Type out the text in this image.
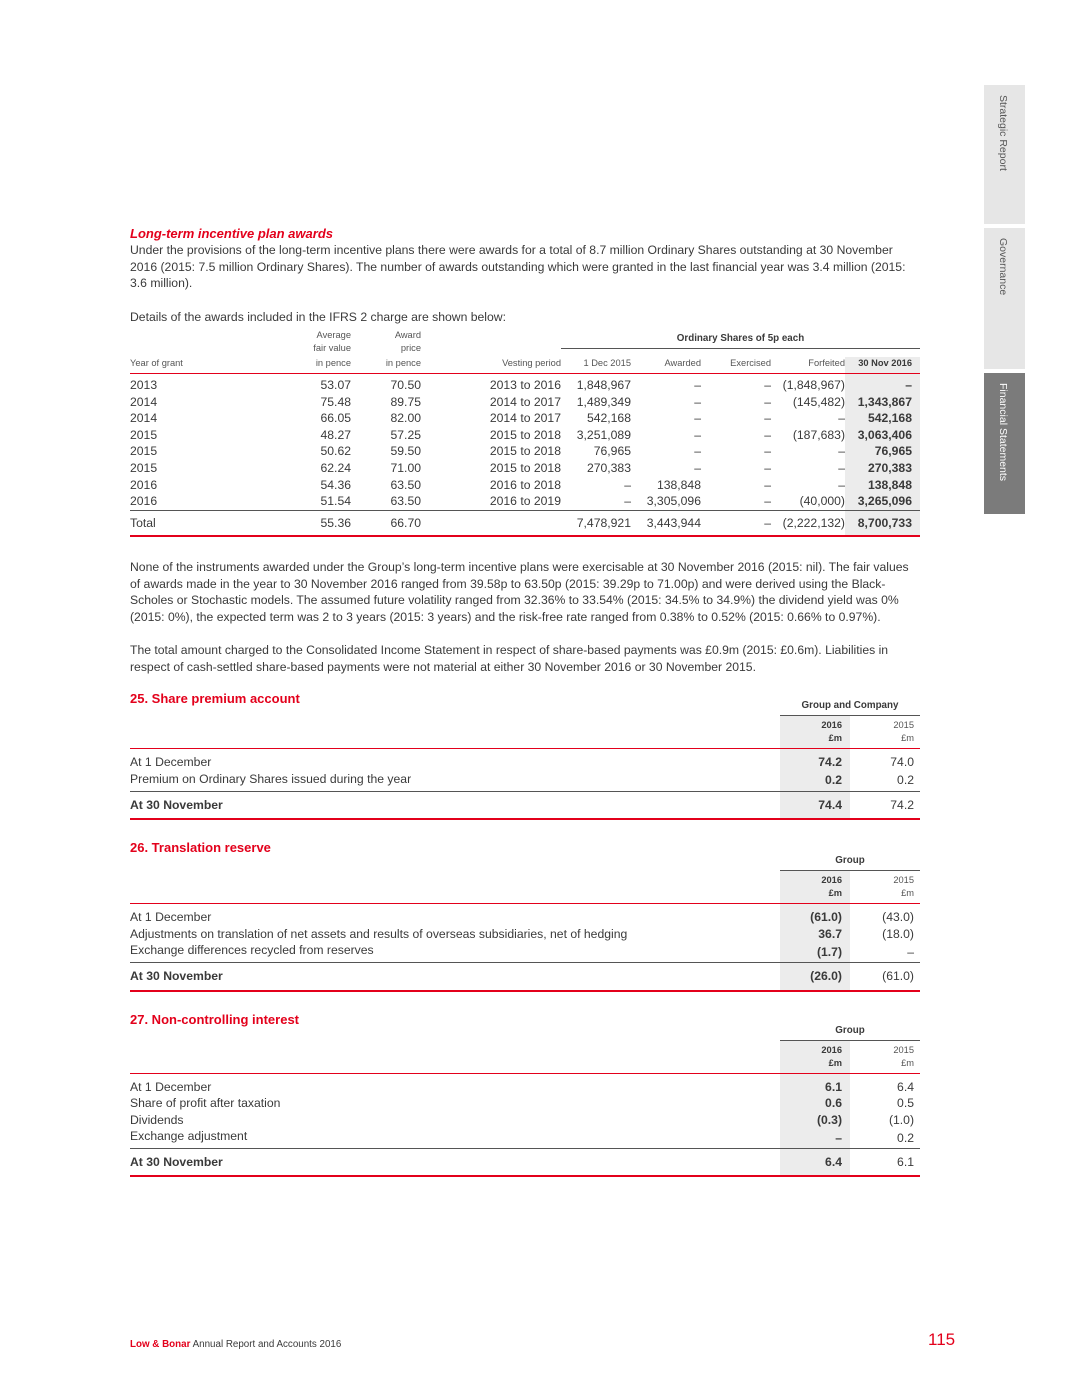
Strategic Report
Governance
Financial Statements
Long-term incentive plan awards

Under the provisions of the long-term incentive plans there were awards for a total of 8.7 million Ordinary Shares outstanding at 30 November 2016 (2015: 7.5 million Ordinary Shares). The number of awards outstanding which were granted in the last financial year was 3.4 million (2015: 3.6 million).

Details of the awards included in the IFRS 2 charge are shown below:

	Average
fair value	Award
price		Ordinary Shares of 5p each				

Year of grant	in pence	in pence	Vesting period	1 Dec 2015	Awarded	Exercised	Forfeited	30 Nov 2016
2013	53.07	70.50	2013 to 2016	1,848,967	–	–	(1,848,967)	–
2014	75.48	89.75	2014 to 2017	1,489,349	–	–	(145,482)	1,343,867
2014	66.05	82.00	2014 to 2017	542,168	–	–	–	542,168
2015	48.27	57.25	2015 to 2018	3,251,089	–	–	(187,683)	3,063,406
2015	50.62	59.50	2015 to 2018	76,965	–	–	–	76,965
2015	62.24	71.00	2015 to 2018	270,383	–	–	–	270,383
2016	54.36	63.50	2016 to 2018	–	138,848	–	–	138,848
2016	51.54	63.50	2016 to 2019	–	3,305,096	–	(40,000)	3,265,096
Total	55.36	66.70		7,478,921	3,443,944	–	(2,222,132)	8,700,733

None of the instruments awarded under the Group’s long-term incentive plans were exercisable at 30 November 2016 (2015: nil). The fair values of awards made in the year to 30 November 2016 ranged from 39.58p to 63.50p (2015: 39.29p to 71.00p) and were derived using the Black-Scholes or Stochastic models. The assumed future volatility ranged from 32.36% to 33.54% (2015: 34.5% to 34.9%) the dividend yield was 0% (2015: 0%), the expected term was 2 to 3 years (2015: 3 years) and the risk-free rate ranged from 0.38% to 0.52% (2015: 0.66% to 0.97%).

The total amount charged to the Consolidated Income Statement in respect of share-based payments was £0.9m (2015: £0.6m). Liabilities in respect of cash-settled share-based payments were not material at either 30 November 2016 or 30 November 2015.

25. Share premium account
		Group and Company	
	2016	2015
	£m	£m
At 1 December	74.2	74.0
Premium on Ordinary Shares issued during the year	0.2	0.2
At 30 November	74.4	74.2
26. Translation reserve
	Group	
	2016	2015
	£m	£m
At 1 December	(61.0)	(43.0)
Adjustments on translation of net assets and results of overseas subsidiaries, net of hedging	36.7	(18.0)
Exchange differences recycled from reserves	(1.7)	–
At 30 November	(26.0)	(61.0)
27. Non-controlling interest
	Group	
	2016	2015
	£m	£m
At 1 December	6.1	6.4
Share of profit after taxation	0.6	0.5
Dividends	(0.3)	(1.0)
Exchange adjustment	–	0.2
At 30 November	6.4	6.1
Low & Bonar Annual Report and Accounts 2016	115
